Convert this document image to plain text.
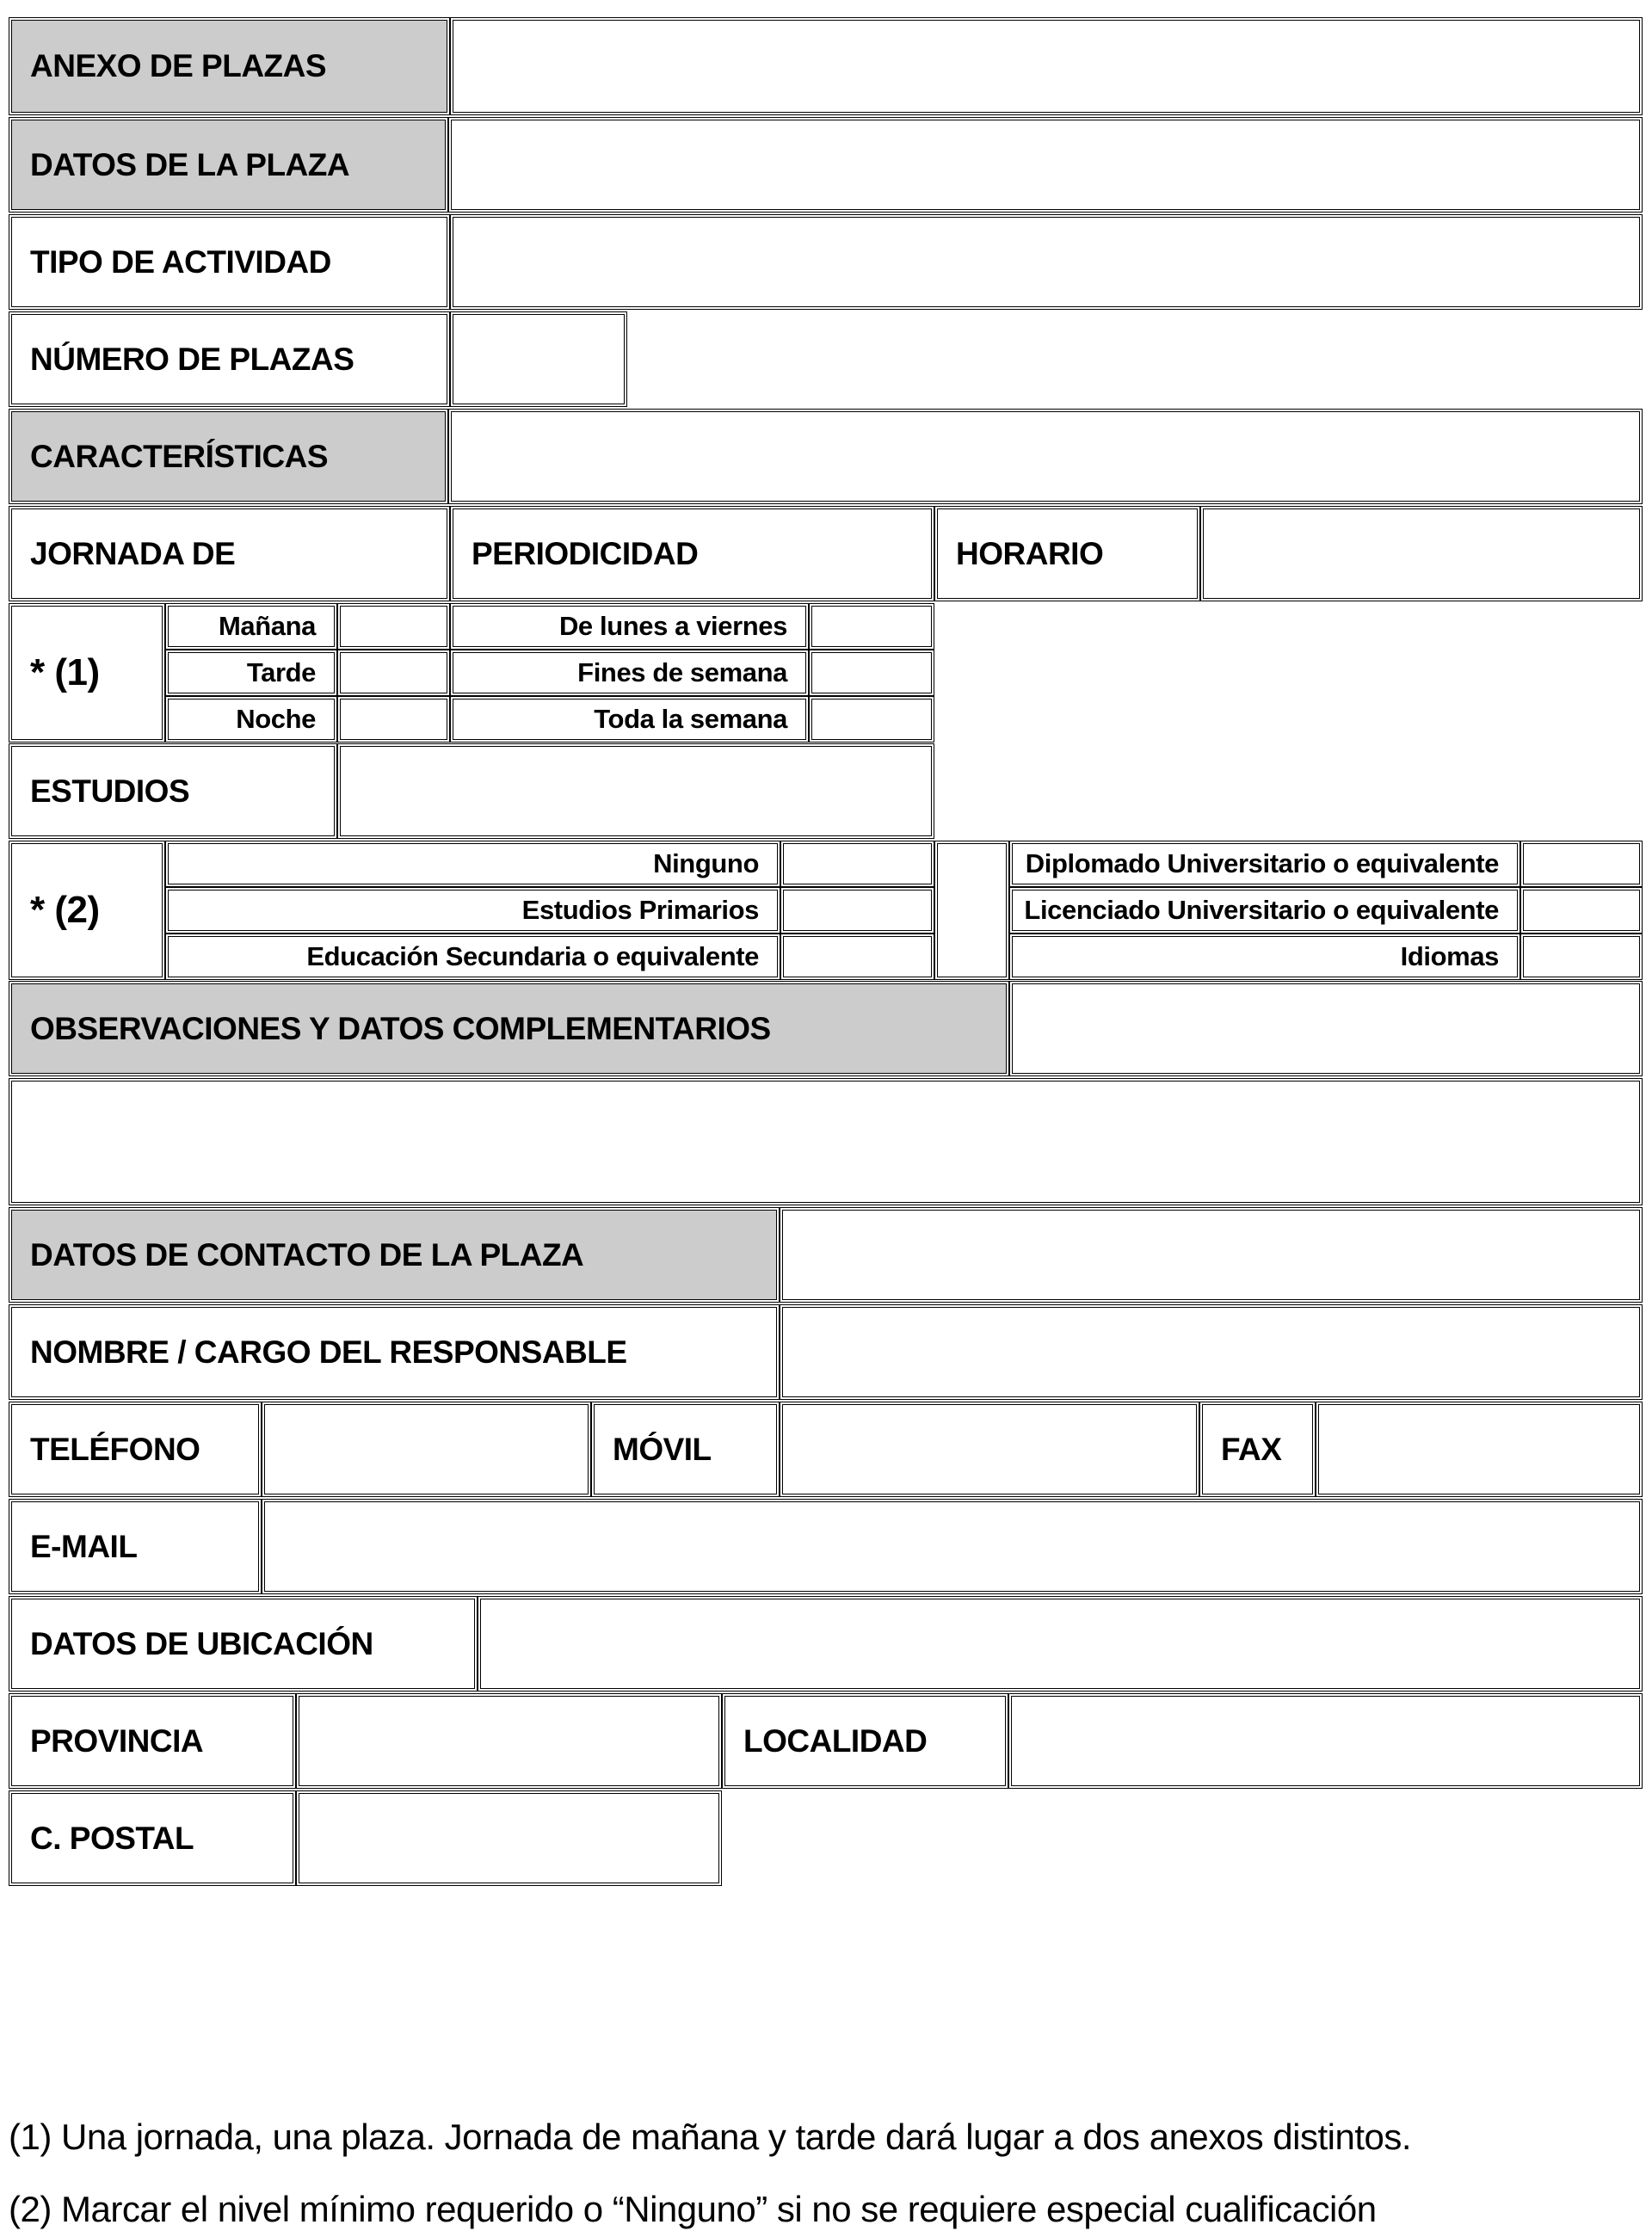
ANEXO DE PLAZAS
DATOS DE LA PLAZA
TIPO DE ACTIVIDAD
NÚMERO DE PLAZAS
CARACTERÍSTICAS
JORNADA DE	PERIODICIDAD	HORARIO
* (1)
Mañana	De lunes a viernes
Tarde	Fines de semana
Noche	Toda la semana
ESTUDIOS
* (2)
Ninguno	Diplomado Universitario o equivalente
Estudios Primarios	Licenciado Universitario o equivalente
Educación Secundaria o equivalente	Idiomas
OBSERVACIONES Y DATOS COMPLEMENTARIOS
DATOS DE CONTACTO DE LA PLAZA
NOMBRE / CARGO DEL RESPONSABLE
TELÉFONO	MÓVIL	FAX
E-MAIL
DATOS DE UBICACIÓN
PROVINCIA	LOCALIDAD
C. POSTAL
(1) Una jornada, una plaza. Jornada de mañana y tarde dará lugar a dos anexos distintos.
(2) Marcar el nivel mínimo requerido o “Ninguno” si no se requiere especial cualificación
